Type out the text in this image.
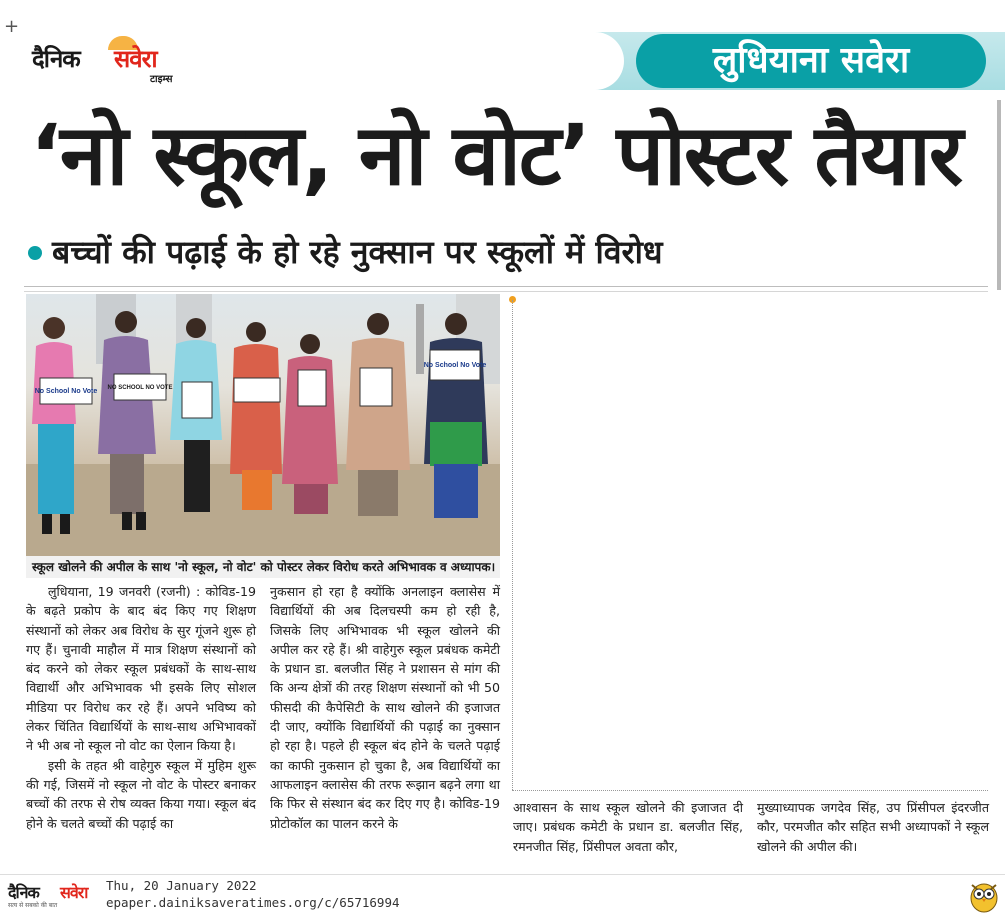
+
दैनिक सवेरा
टाइम्स	लुधियाना सवेरा
‘नो स्कूल, नो वोट’ पोस्टर तैयार
बच्चों की पढ़ाई के हो रहे नुक्सान पर स्कूलों में विरोध
No School No Vote NO SCHOOL NO VOTE
No School No Vote
स्कूल खोलने की अपील के साथ 'नो स्कूल, नो वोट' को पोस्टर लेकर विरोध करते अभिभावक व अध्यापक।

लुधियाना, 19 जनवरी (रजनी) : कोविड-19 के बढ़ते प्रकोप के बाद बंद किए गए शिक्षण संस्थानों को लेकर अब विरोध के सुर गूंजने शुरू हो गए हैं। चुनावी माहौल में मात्र शिक्षण संस्थानों को बंद करने को लेकर स्कूल प्रबंधकों के साथ-साथ विद्यार्थी और अभिभावक भी इसके लिए सोशल मीडिया पर विरोध कर रहे हैं। अपने भविष्य को लेकर चिंतित विद्यार्थियों के साथ-साथ अभिभावकों ने भी अब नो स्कूल नो वोट का ऐलान किया है।

इसी के तहत श्री वाहेगुरु स्कूल में मुहिम शुरू की गई, जिसमें नो स्कूल नो वोट के पोस्टर बनाकर बच्चों की तरफ से रोष व्यक्त किया गया। स्कूल बंद होने के चलते बच्चों की पढ़ाई का

नुकसान हो रहा है क्योंकि अनलाइन क्लासेस में विद्यार्थियों की अब दिलचस्पी कम हो रही है, जिसके लिए अभिभावक भी स्कूल खोलने की अपील कर रहे हैं। श्री वाहेगुरु स्कूल प्रबंधक कमेटी के प्रधान डा. बलजीत सिंह ने प्रशासन से मांग की कि अन्य क्षेत्रों की तरह शिक्षण संस्थानों को भी 50 फीसदी की कैपेसिटी के साथ खोलने की इजाजत दी जाए, क्योंकि विद्यार्थियों की पढ़ाई का नुक्सान हो रहा है। पहले ही स्कूल बंद होने के चलते पढ़ाई का काफी नुकसान हो चुका है, अब विद्यार्थियों का आफलाइन क्लासेस की तरफ रूझान बढ़ने लगा था कि फिर से संस्थान बंद कर दिए गए है। कोविड-19 प्रोटोकॉल का पालन करने के

आश्वासन के साथ स्कूल खोलने की इजाजत दी जाए। प्रबंधक कमेटी के प्रधान डा. बलजीत सिंह, रमनजीत सिंह, प्रिंसीपल अवता कौर,

मुख्याध्यापक जगदेव सिंह, उप प्रिंसीपल इंदरजीत कौर, परमजीत कौर सहित सभी अध्यापकों ने स्कूल खोलने की अपील की।

दैनिक सवेरा
सत्य से सबको की बात
Thu, 20 January 2022
epaper.dainiksaveratimes.org/c/65716994
